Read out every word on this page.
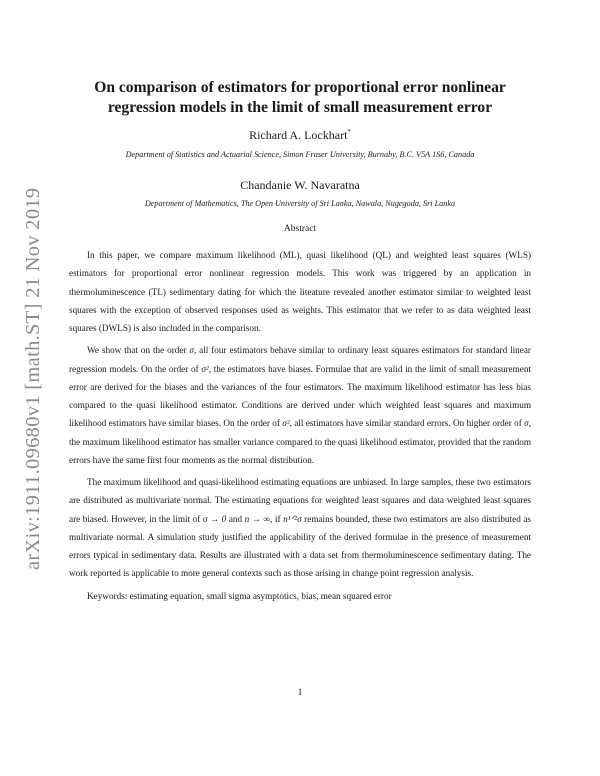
arXiv:1911.09680v1 [math.ST] 21 Nov 2019
On comparison of estimators for proportional error nonlinear
regression models in the limit of small measurement error
Richard A. Lockhart*
Department of Statistics and Actuarial Science, Simon Fraser University, Burnaby, B.C. V5A 1S6, Canada
Chandanie W. Navaratna
Department of Mathematics, The Open University of Sri Lanka, Nawala, Nugegoda, Sri Lanka
Abstract

In this paper, we compare maximum likelihood (ML), quasi likelihood (QL) and weighted least squares (WLS) estimators for proportional error nonlinear regression models. This work was triggered by an application in thermoluminescence (TL) sedimentary dating for which the liteature revealed another estimator similar to weighted least squares with the exception of observed responses used as weights. This estimator that we refer to as data weighted least squares (DWLS) is also included in the comparison.

We show that on the order σ, all four estimators behave similar to ordinary least squares estimators for standard linear regression models. On the order of σ², the estimators have biases. Formulae that are valid in the limit of small measurement error are derived for the biases and the variances of the four estimators. The maximum likelihood estimator has less bias compared to the quasi likelihood estimator. Conditions are derived under which weighted least squares and maximum likelihood estimators have similar biases. On the order of σ², all estimators have similar standard errors. On higher order of σ, the maximum likelihood estimator has smaller variance compared to the quasi likelihood estimator, provided that the random errors have the same first four moments as the normal distribution.

The maximum likelihood and quasi-likelihood estimating equations are unbiased. In large samples, these two estimators are distributed as multivariate normal. The estimating equations for weighted least squares and data weighted least squares are biased. However, in the limit of σ → 0 and n → ∞, if n¹ᐟ²σ remains bounded, these two estimators are also distributed as multivariate normal. A simulation study justified the applicability of the derived formulae in the presence of measurement errors typical in sedimentary data. Results are illustrated with a data set from thermoluminescence sedimentary dating. The work reported is applicable to more general contexts such as those arising in change point regression analysis.

Keywords: estimating equation, small sigma asymptotics, bias, mean squared error

1
